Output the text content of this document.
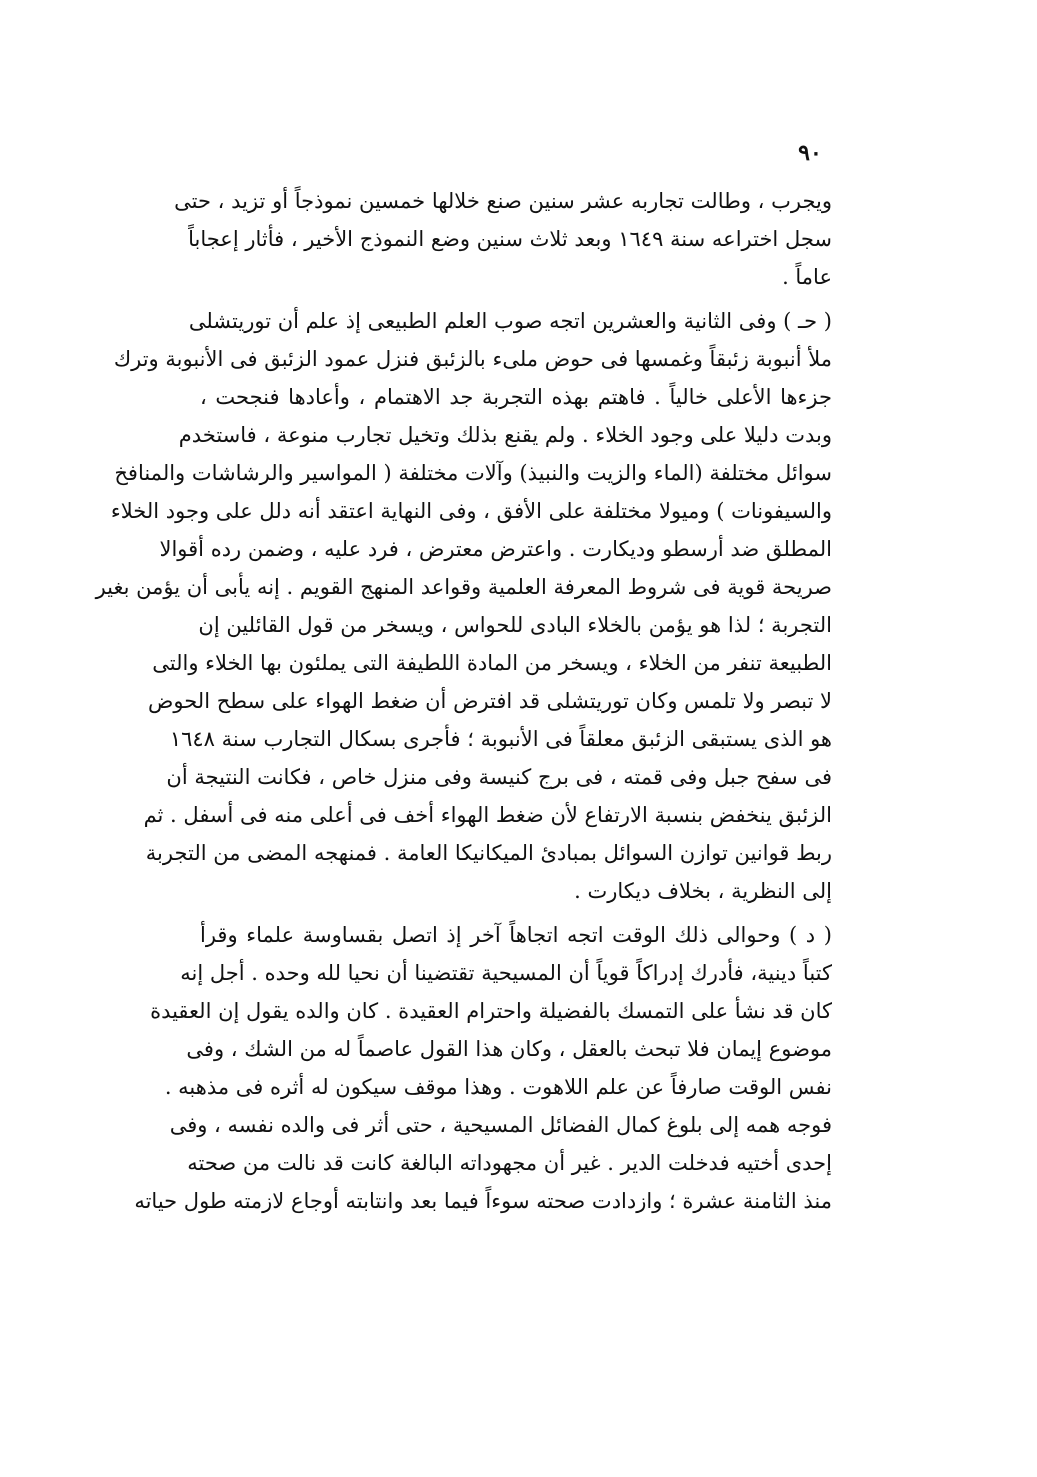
٩٠
ويجرب ، وطالت تجاربه عشر سنين صنع خلالها خمسين نموذجاً أو تزيد ، حتى
سجل اختراعه سنة ١٦٤٩ وبعد ثلاث سنين وضع النموذج الأخير ، فأثار إعجاباً
عاماً .
( حـ ) وفى الثانية والعشرين اتجه صوب العلم الطبيعى إذ علم أن توريتشلى
ملأ أنبوبة زئبقاً وغمسها فى حوض ملىء بالزئبق فنزل عمود الزئبق فى الأنبوبة وترك
جزءها الأعلى خالياً . فاهتم بهذه التجربة جد الاهتمام ، وأعادها فنجحت ،
وبدت دليلا على وجود الخلاء . ولم يقنع بذلك وتخيل تجارب منوعة ، فاستخدم
سوائل مختلفة (الماء والزيت والنبيذ) وآلات مختلفة ( المواسير والرشاشات والمنافخ
والسيفونات ) وميولا مختلفة على الأفق ، وفى النهاية اعتقد أنه دلل على وجود الخلاء
المطلق ضد أرسطو وديكارت . واعترض معترض ، فرد عليه ، وضمن رده أقوالا
صريحة قوية فى شروط المعرفة العلمية وقواعد المنهج القويم . إنه يأبى أن يؤمن بغير
التجربة ؛ لذا هو يؤمن بالخلاء البادى للحواس ، ويسخر من قول القائلين إن
الطبيعة تنفر من الخلاء ، ويسخر من المادة اللطيفة التى يملئون بها الخلاء والتى
لا تبصر ولا تلمس وكان توريتشلى قد افترض أن ضغط الهواء على سطح الحوض
هو الذى يستبقى الزئبق معلقاً فى الأنبوبة ؛ فأجرى بسكال التجارب سنة ١٦٤٨
فى سفح جبل وفى قمته ، فى برج كنيسة وفى منزل خاص ، فكانت النتيجة أن
الزئبق ينخفض بنسبة الارتفاع لأن ضغط الهواء أخف فى أعلى منه فى أسفل . ثم
ربط قوانين توازن السوائل بمبادئ الميكانيكا العامة . فمنهجه المضى من التجربة
إلى النظرية ، بخلاف ديكارت .
( د ) وحوالى ذلك الوقت اتجه اتجاهاً آخر إذ اتصل بقساوسة علماء وقرأ
كتباً دينية، فأدرك إدراكاً قوياً أن المسيحية تقتضينا أن نحيا لله وحده . أجل إنه
كان قد نشأ على التمسك بالفضيلة واحترام العقيدة . كان والده يقول إن العقيدة
موضوع إيمان فلا تبحث بالعقل ، وكان هذا القول عاصماً له من الشك ، وفى
نفس الوقت صارفاً عن علم اللاهوت . وهذا موقف سيكون له أثره فى مذهبه .
فوجه همه إلى بلوغ كمال الفضائل المسيحية ، حتى أثر فى والده نفسه ، وفى
إحدى أختيه فدخلت الدير . غير أن مجهوداته البالغة كانت قد نالت من صحته
منذ الثامنة عشرة ؛ وازدادت صحته سوءاً فيما بعد وانتابته أوجاع لازمته طول حياته
